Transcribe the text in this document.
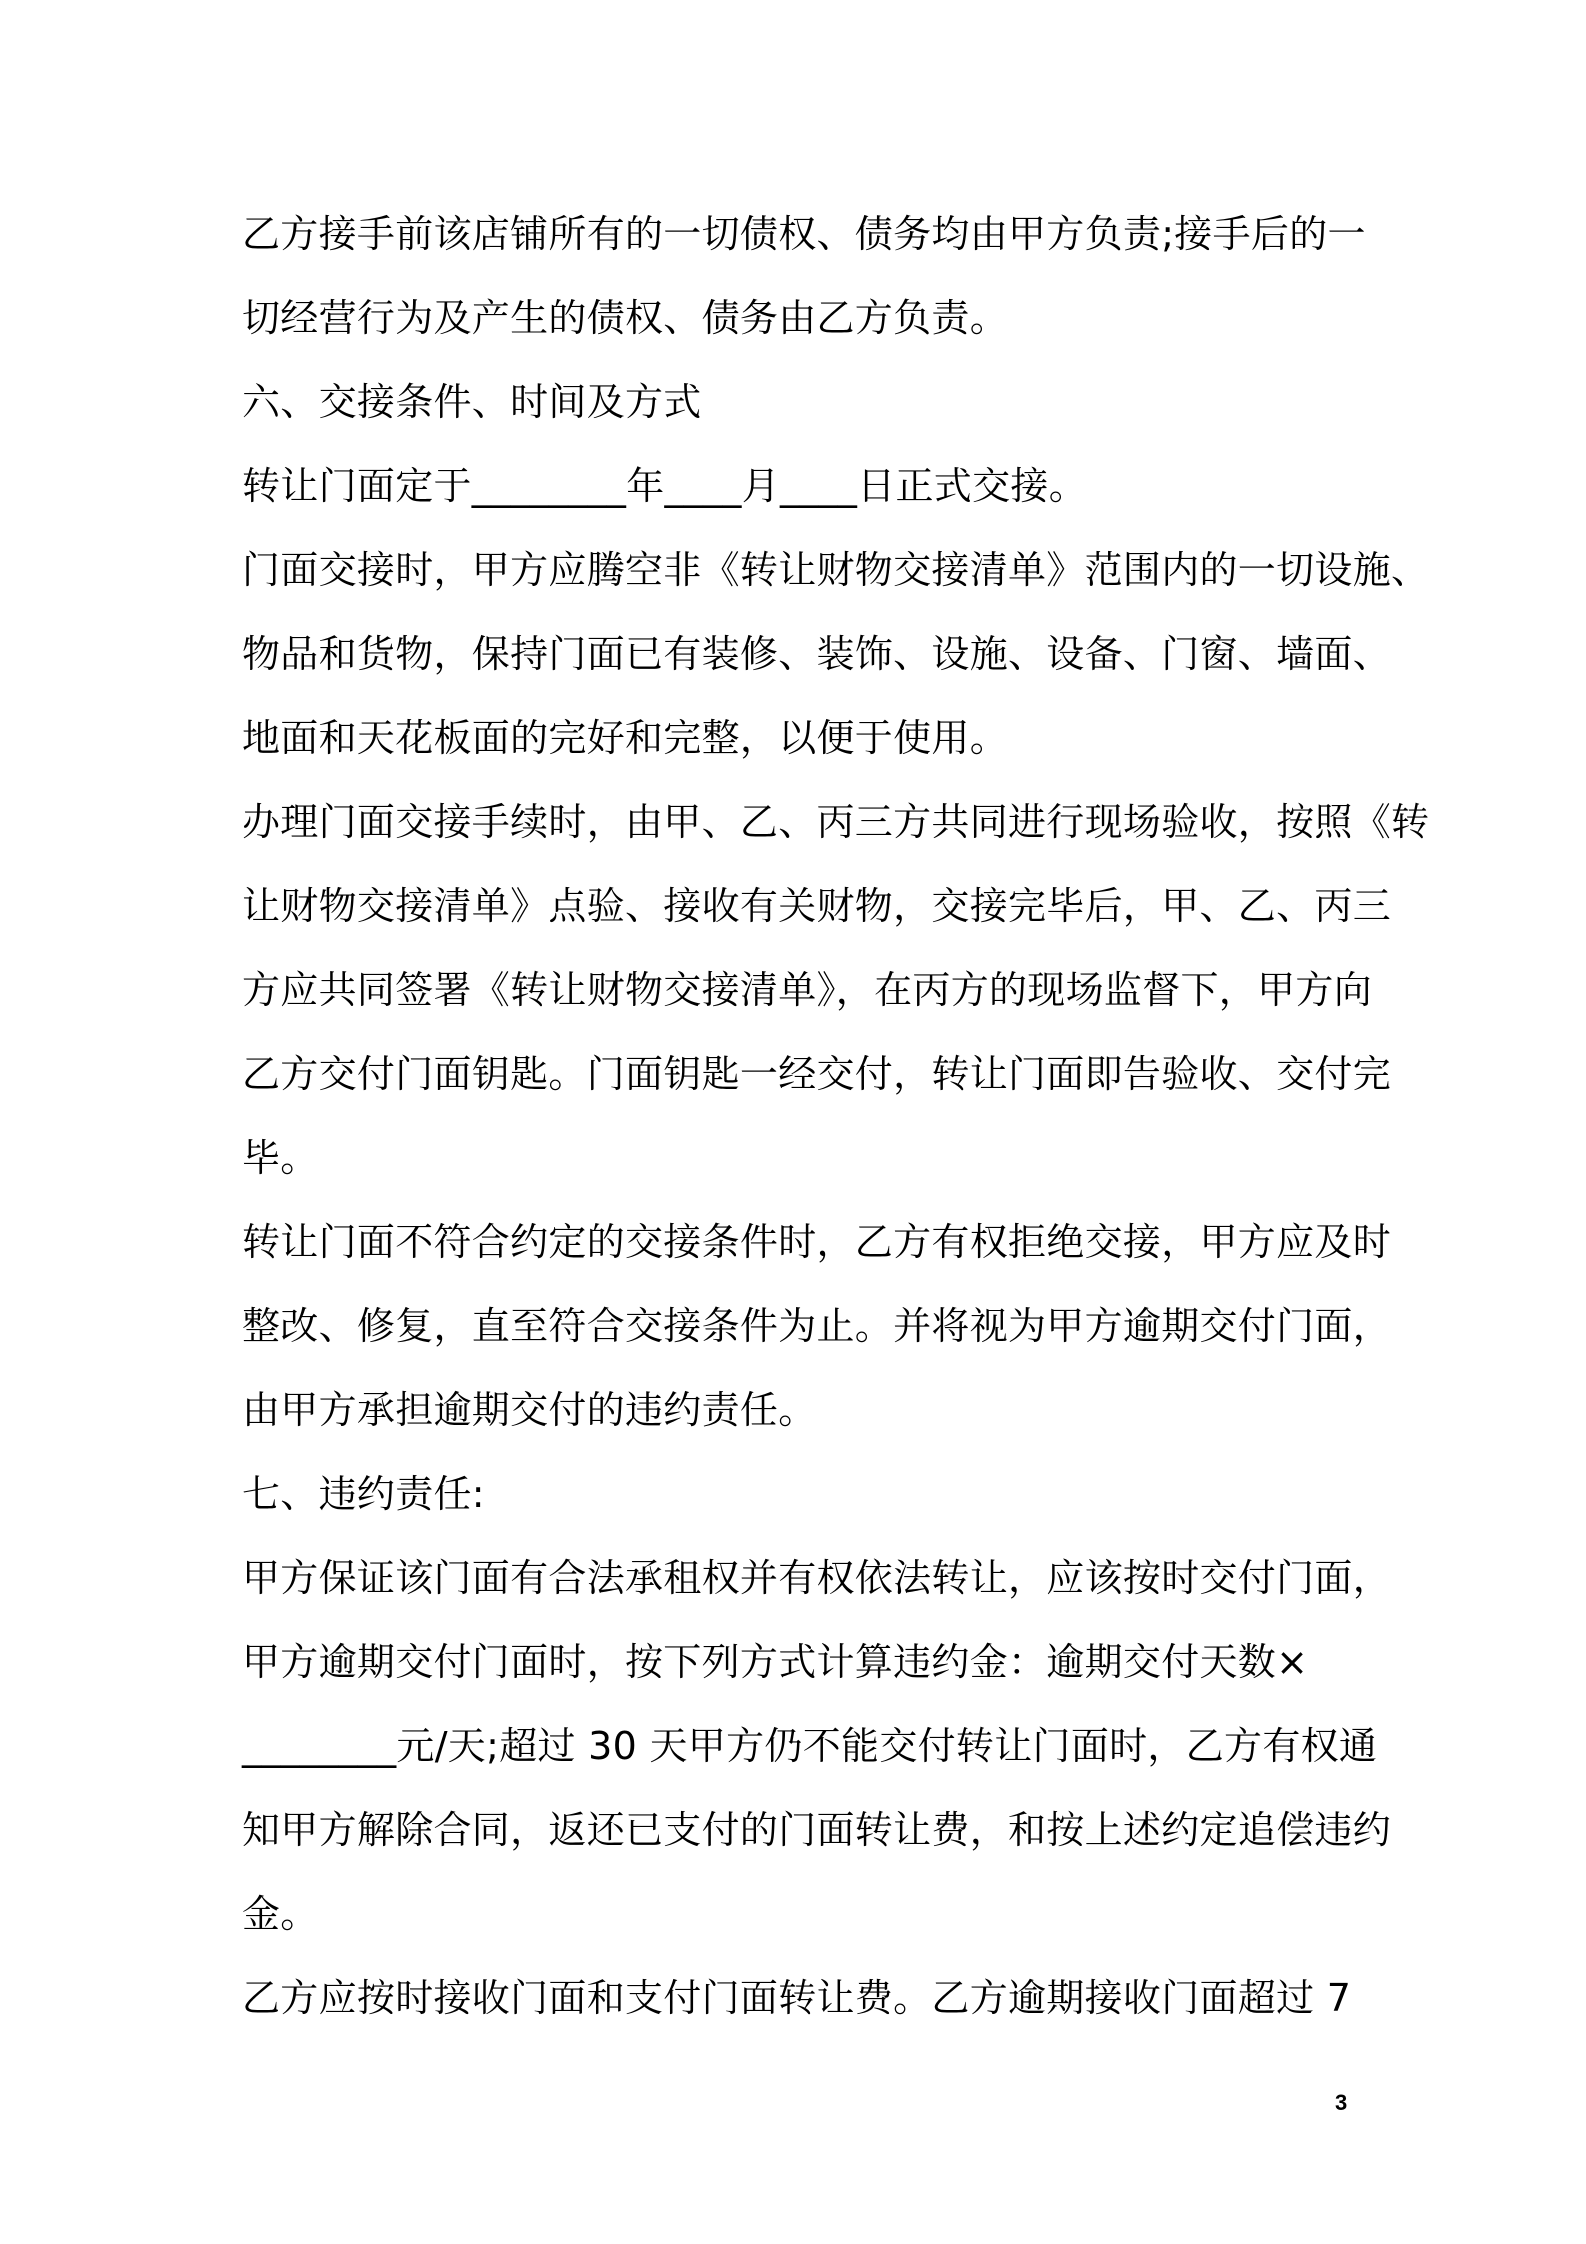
乙方接手前该店铺所有的一切债权、债务均由甲方负责;接手后的一
切经营行为及产生的债权、债务由乙方负责。
六、交接条件、时间及方式
转让门面定于________年____月____日正式交接。
门面交接时，甲方应腾空非《转让财物交接清单》范围内的一切设施、
物品和货物，保持门面已有装修、装饰、设施、设备、门窗、墙面、
地面和天花板面的完好和完整，以便于使用。
办理门面交接手续时，由甲、乙、丙三方共同进行现场验收，按照《转
让财物交接清单》点验、接收有关财物，交接完毕后，甲、乙、丙三
方应共同签署《转让财物交接清单》，在丙方的现场监督下，甲方向
乙方交付门面钥匙。门面钥匙一经交付，转让门面即告验收、交付完
毕。
转让门面不符合约定的交接条件时，乙方有权拒绝交接，甲方应及时
整改、修复，直至符合交接条件为止。并将视为甲方逾期交付门面，
由甲方承担逾期交付的违约责任。
七、违约责任:
甲方保证该门面有合法承租权并有权依法转让，应该按时交付门面，
甲方逾期交付门面时，按下列方式计算违约金：逾期交付天数×
________元/天;超过 30 天甲方仍不能交付转让门面时，乙方有权通
知甲方解除合同，返还已支付的门面转让费，和按上述约定追偿违约
金。
乙方应按时接收门面和支付门面转让费。乙方逾期接收门面超过 7
3
